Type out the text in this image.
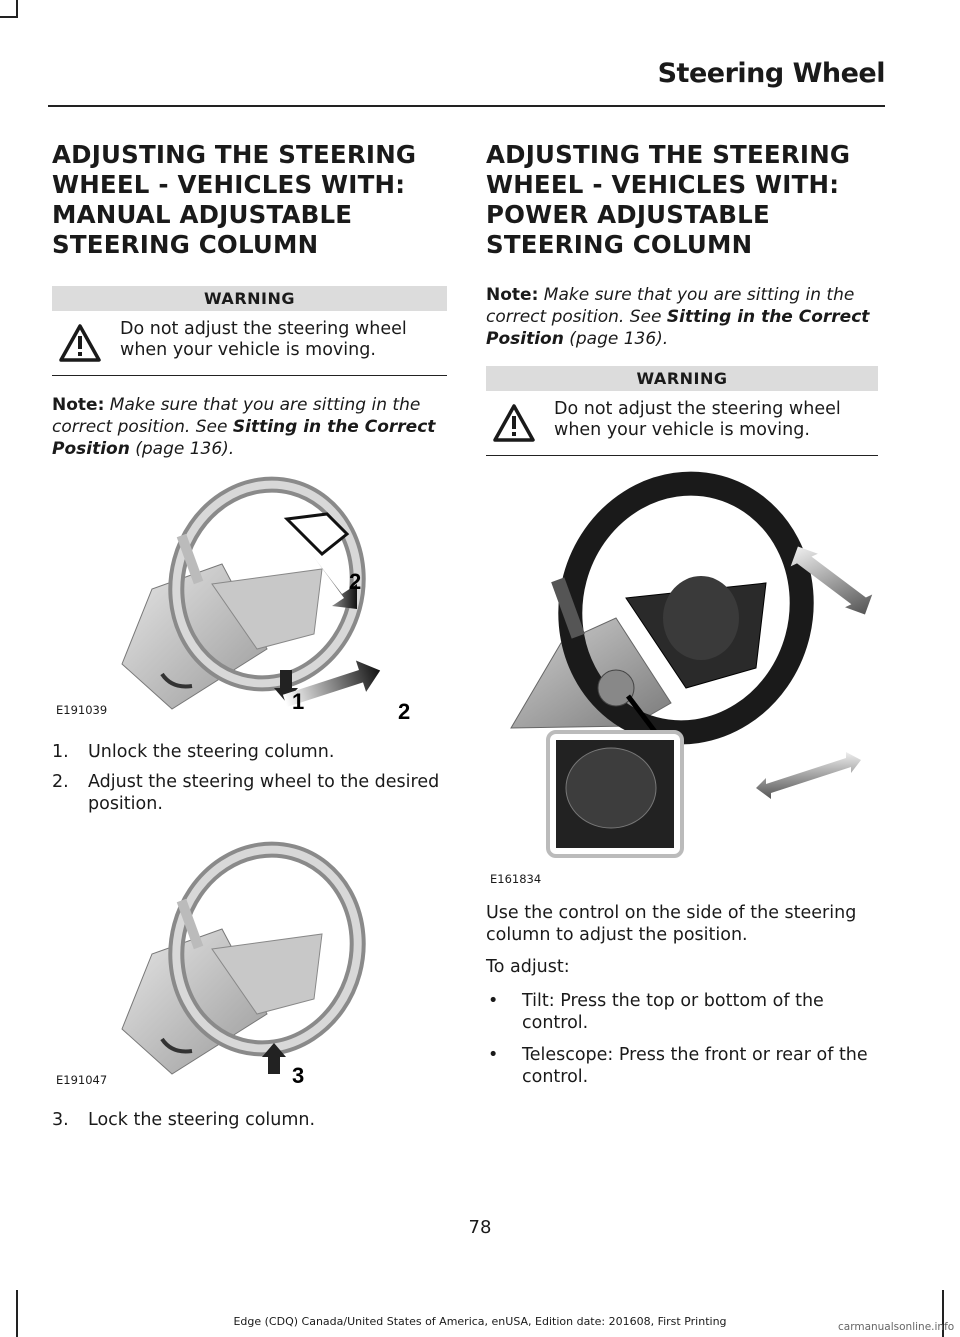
Steering Wheel
ADJUSTING THE STEERING
WHEEL - VEHICLES WITH:
MANUAL ADJUSTABLE
STEERING COLUMN
WARNING
Do not adjust the steering wheel when your vehicle is moving.
Note: Make sure that you are sitting in the correct position. See Sitting in the Correct Position (page 136).
2
1	2
E191039
1.	Unlock the steering column.
2.	Adjust the steering wheel to the desired position.
3
E191047
3.	Lock the steering column.
ADJUSTING THE STEERING
WHEEL - VEHICLES WITH:
POWER ADJUSTABLE
STEERING COLUMN
Note: Make sure that you are sitting in the correct position. See Sitting in the Correct Position (page 136).
WARNING
Do not adjust the steering wheel when your vehicle is moving.
E161834

Use the control on the side of the steering column to adjust the position.

To adjust:

•	Tilt: Press the top or bottom of the control.
•	Telescope: Press the front or rear of the control.
78
Edge (CDQ) Canada/United States of America, enUSA, Edition date: 201608, First Printing	carmanualsonline.info
